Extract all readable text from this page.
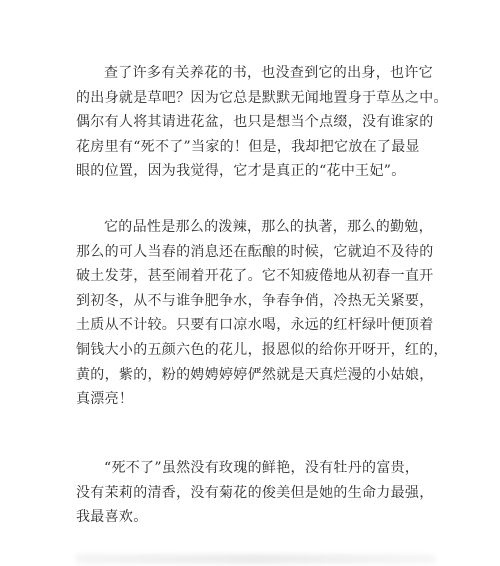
查了许多有关养花的书，也没查到它的出身，也许它
的出身就是草吧？因为它总是默默无闻地置身于草丛之中。
偶尔有人将其请进花盆，也只是想当个点缀，没有谁家的
花房里有“死不了”当家的！但是，我却把它放在了最显
眼的位置，因为我觉得，它才是真正的“花中王妃”。

它的品性是那么的泼辣，那么的执著，那么的勤勉，
那么的可人当春的消息还在酝酿的时候，它就迫不及待的
破土发芽，甚至闹着开花了。它不知疲倦地从初春一直开
到初冬，从不与谁争肥争水，争春争俏，冷热无关紧要，
土质从不计较。只要有口凉水喝，永远的红杆绿叶便顶着
铜钱大小的五颜六色的花儿，报恩似的给你开呀开，红的，
黄的，紫的，粉的娉娉婷婷俨然就是天真烂漫的小姑娘，
真漂亮！

“死不了”虽然没有玫瑰的鲜艳，没有牡丹的富贵，
没有茉莉的清香，没有菊花的俊美但是她的生命力最强，
我最喜欢。
